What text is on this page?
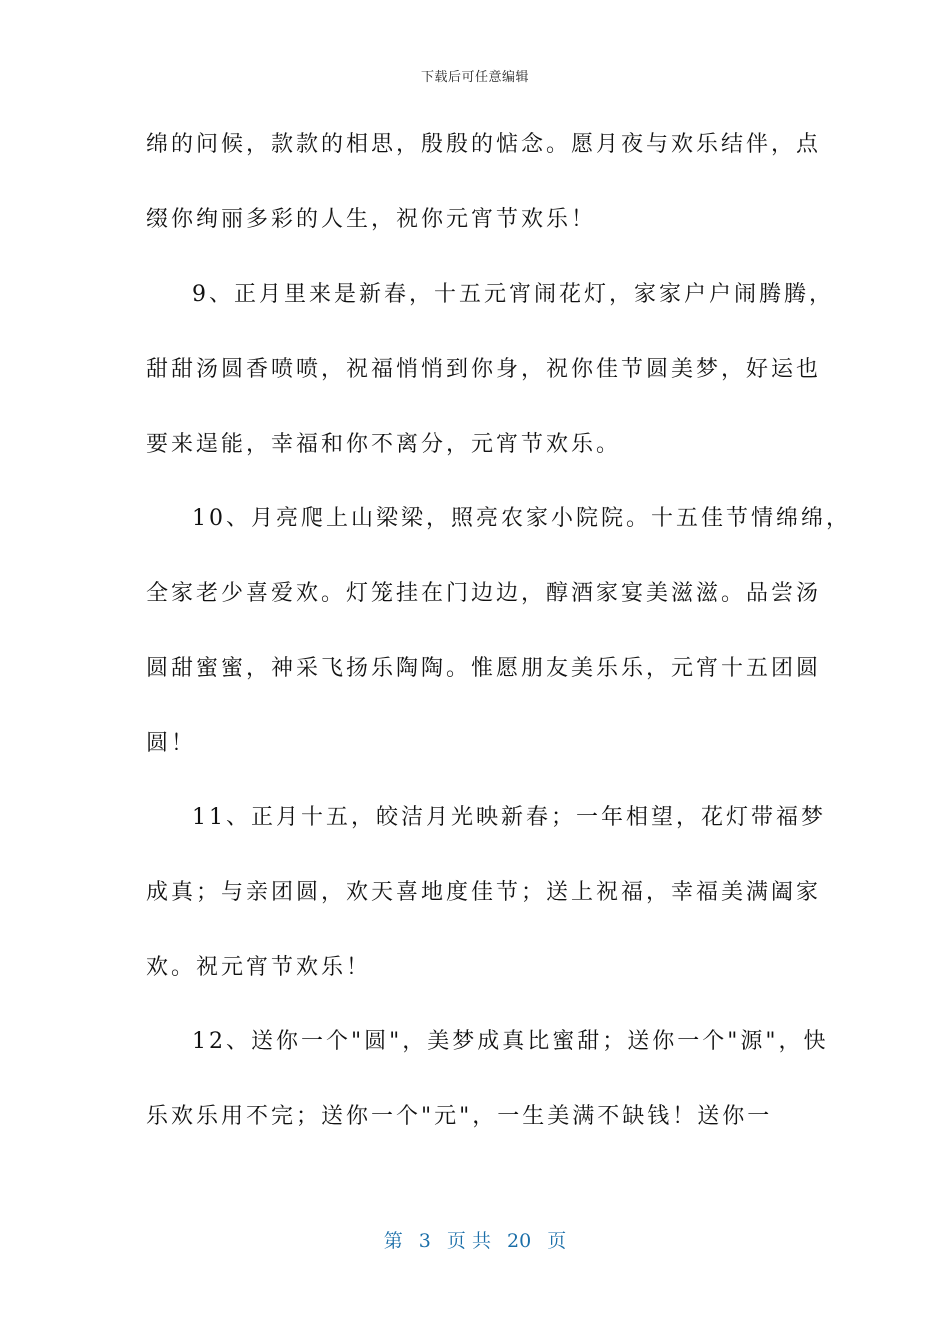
下载后可任意编辑
绵的问候，款款的相思，殷殷的惦念。愿月夜与欢乐结伴，点
缀你绚丽多彩的人生，祝你元宵节欢乐！
9、正月里来是新春，十五元宵闹花灯，家家户户闹腾腾，
甜甜汤圆香喷喷，祝福悄悄到你身，祝你佳节圆美梦，好运也
要来逞能，幸福和你不离分，元宵节欢乐。
10、月亮爬上山梁梁，照亮农家小院院。十五佳节情绵绵，
全家老少喜爱欢。灯笼挂在门边边，醇酒家宴美滋滋。品尝汤
圆甜蜜蜜，神采飞扬乐陶陶。惟愿朋友美乐乐，元宵十五团圆
圆！
11、正月十五，皎洁月光映新春；一年相望，花灯带福梦
成真；与亲团圆，欢天喜地度佳节；送上祝福，幸福美满阖家
欢。祝元宵节欢乐！
12、送你一个"圆"，美梦成真比蜜甜；送你一个"源"，快
乐欢乐用不完；送你一个"元"，一生美满不缺钱！送你一
第 3 页 共 20 页
